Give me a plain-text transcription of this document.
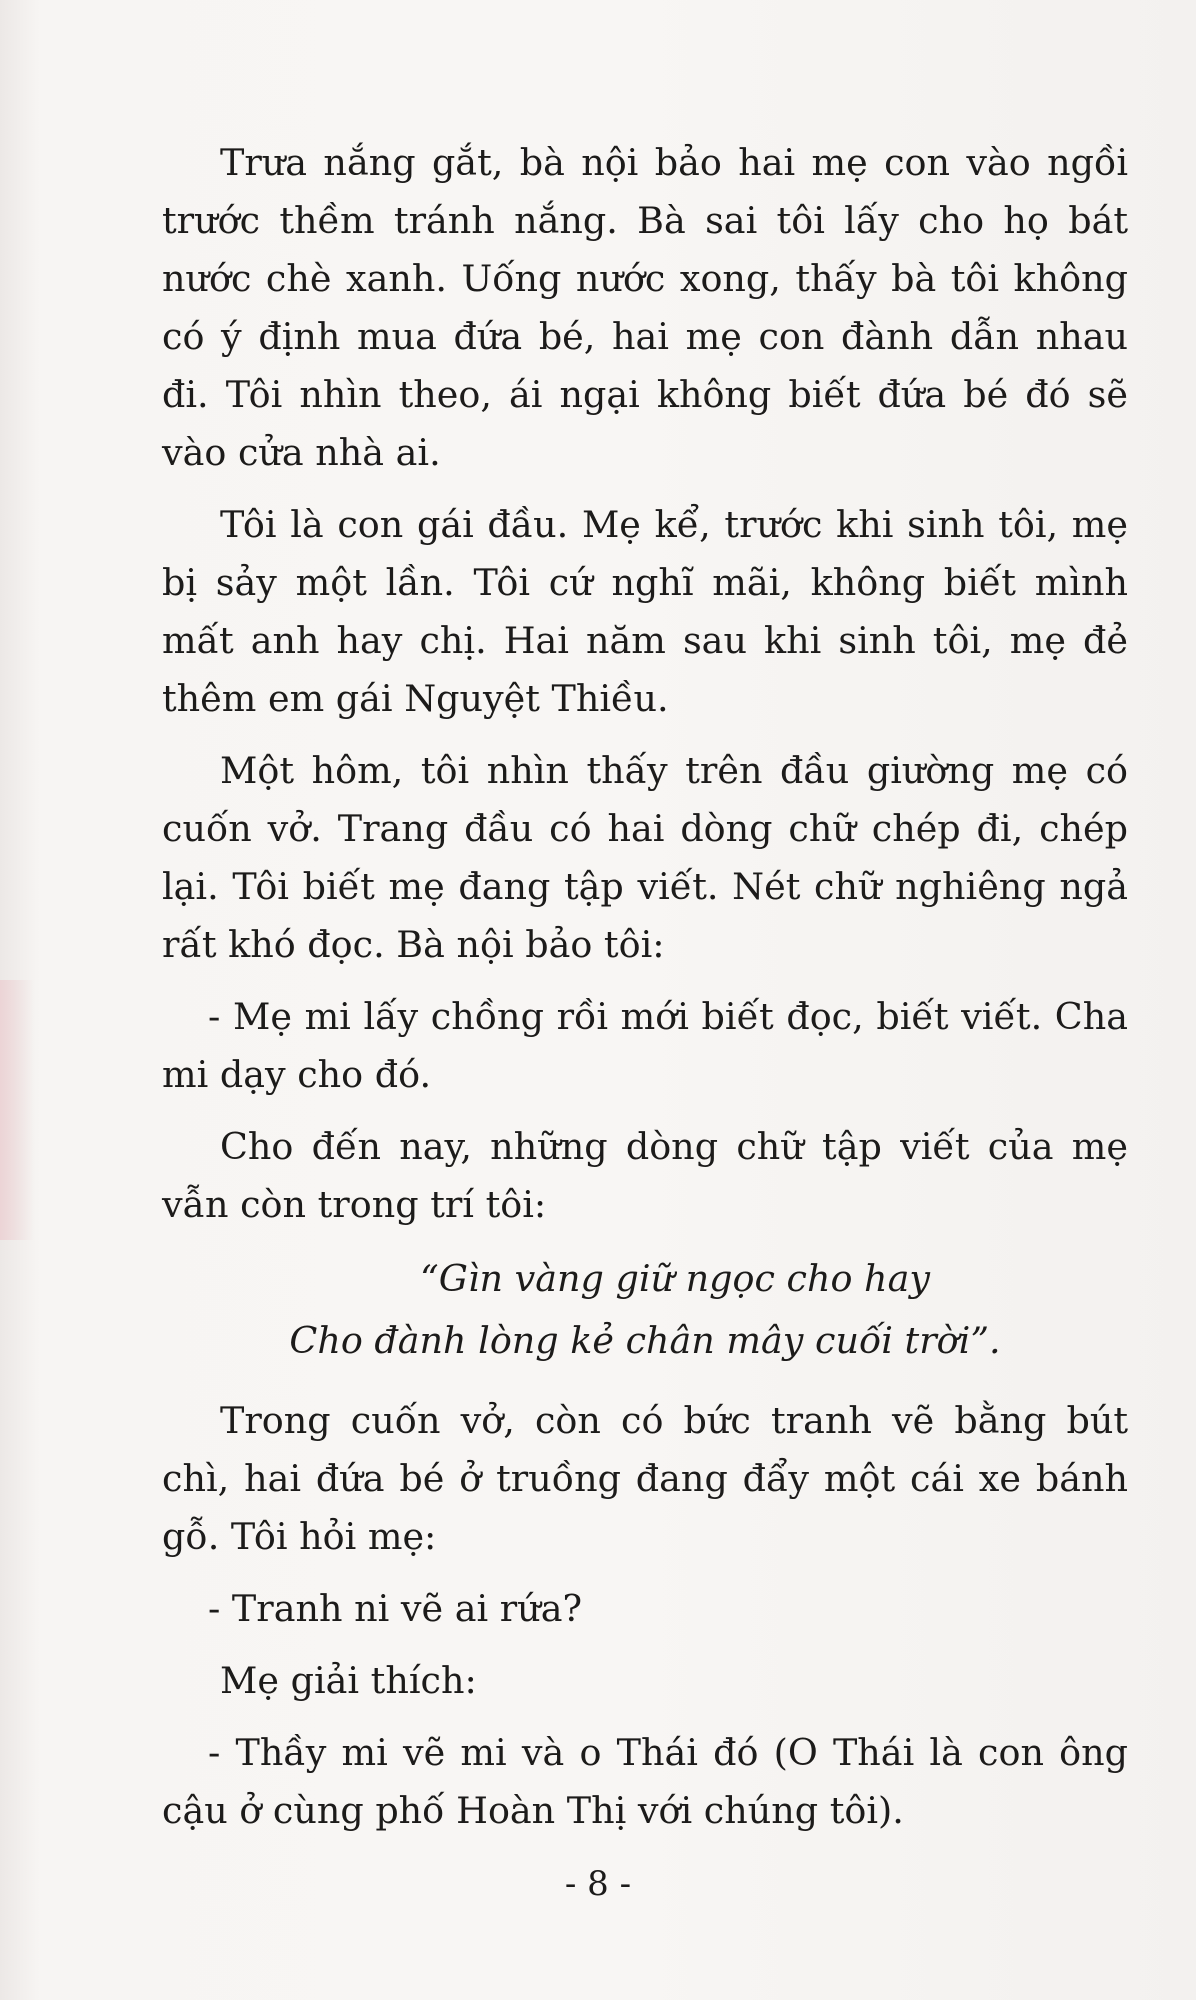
Trưa nắng gắt, bà nội bảo hai mẹ con vào ngồi trước thềm tránh nắng. Bà sai tôi lấy cho họ bát nước chè xanh. Uống nước xong, thấy bà tôi không có ý định mua đứa bé, hai mẹ con đành dẫn nhau đi. Tôi nhìn theo, ái ngại không biết đứa bé đó sẽ vào cửa nhà ai.

Tôi là con gái đầu. Mẹ kể, trước khi sinh tôi, mẹ bị sảy một lần. Tôi cứ nghĩ mãi, không biết mình mất anh hay chị. Hai năm sau khi sinh tôi, mẹ đẻ thêm em gái Nguyệt Thiều.

Một hôm, tôi nhìn thấy trên đầu giường mẹ có cuốn vở. Trang đầu có hai dòng chữ chép đi, chép lại. Tôi biết mẹ đang tập viết. Nét chữ nghiêng ngả rất khó đọc. Bà nội bảo tôi:

- Mẹ mi lấy chồng rồi mới biết đọc, biết viết. Cha mi dạy cho đó.

Cho đến nay, những dòng chữ tập viết của mẹ vẫn còn trong trí tôi:

“Gìn vàng giữ ngọc cho hay
Cho đành lòng kẻ chân mây cuối trời”.

Trong cuốn vở, còn có bức tranh vẽ bằng bút chì, hai đứa bé ở truồng đang đẩy một cái xe bánh gỗ. Tôi hỏi mẹ:

- Tranh ni vẽ ai rứa?

Mẹ giải thích:

- Thầy mi vẽ mi và o Thái đó (O Thái là con ông cậu ở cùng phố Hoàn Thị với chúng tôi).

- 8 -
